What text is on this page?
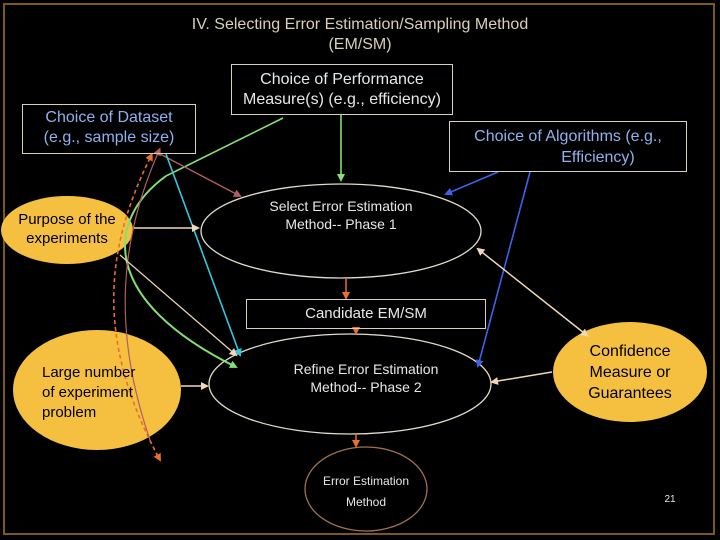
IV. Selecting Error Estimation/Sampling Method
(EM/SM)
Choice of Dataset
(e.g., sample size)
Choice of Performance
Measure(s) (e.g., efficiency)
Choice of Algorithms (e.g.,
Efficiency)
Candidate EM/SM
Purpose of the
experiments
Select Error Estimation
Method-- Phase 1
Large number
of experiment
problem
Refine Error Estimation
Method-- Phase 2
Confidence
Measure or
Guarantees
Error Estimation
Method	21
